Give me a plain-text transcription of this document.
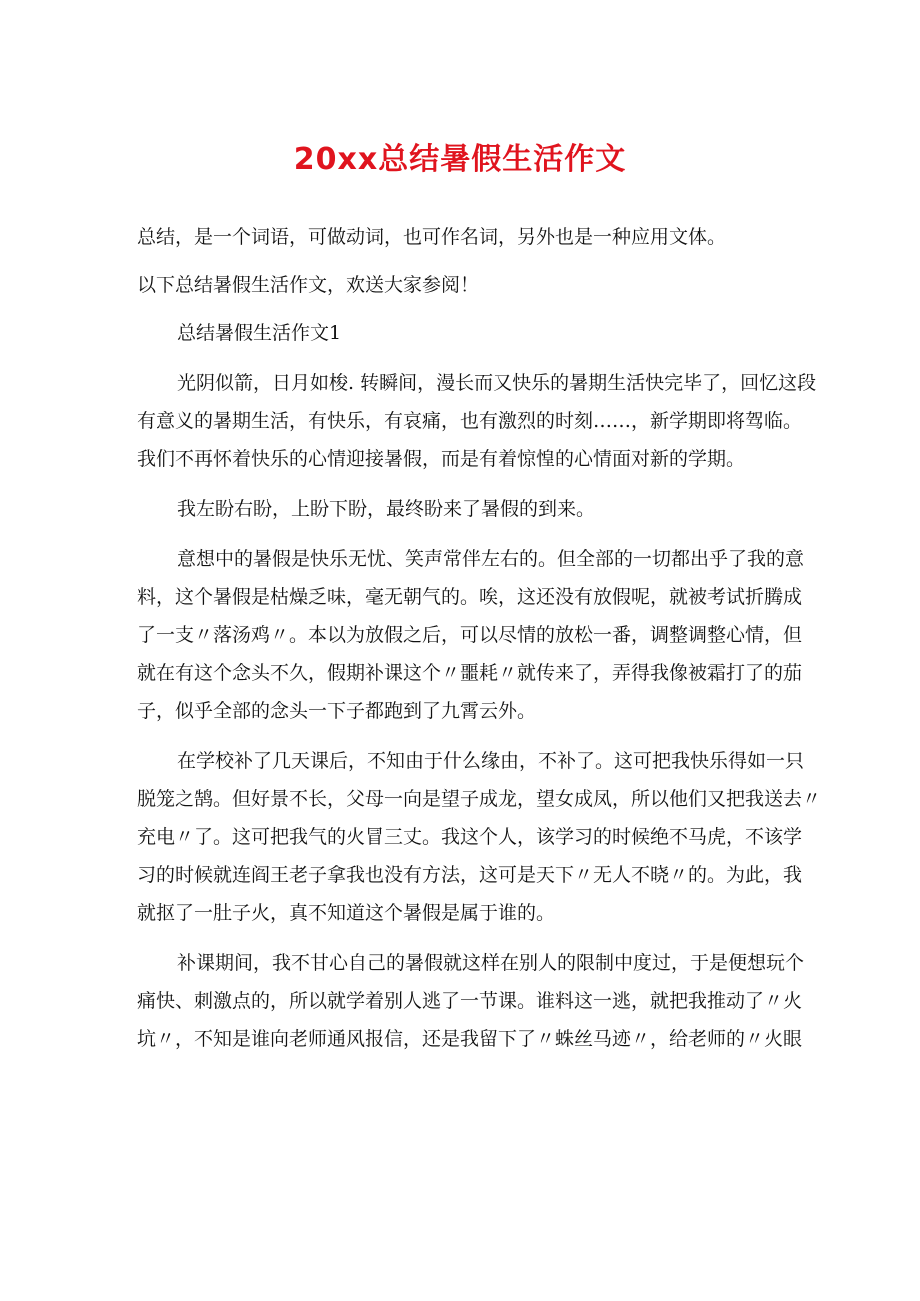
20xx总结暑假生活作文
总结，是一个词语，可做动词，也可作名词，另外也是一种应用文体。
以下总结暑假生活作文，欢送大家参阅！
总结暑假生活作文1
光阴似箭，日月如梭. 转瞬间，漫长而又快乐的暑期生活快完毕了，回忆这段
有意义的暑期生活，有快乐，有哀痛，也有激烈的时刻……，新学期即将驾临。
我们不再怀着快乐的心情迎接暑假，而是有着惊惶的心情面对新的学期。
我左盼右盼，上盼下盼，最终盼来了暑假的到来。
意想中的暑假是快乐无忧、笑声常伴左右的。但全部的一切都出乎了我的意
料，这个暑假是枯燥乏味，毫无朝气的。唉，这还没有放假呢，就被考试折腾成
了一支〃落汤鸡〃。本以为放假之后，可以尽情的放松一番，调整调整心情，但
就在有这个念头不久，假期补课这个〃噩耗〃就传来了，弄得我像被霜打了的茄
子，似乎全部的念头一下子都跑到了九霄云外。
在学校补了几天课后，不知由于什么缘由，不补了。这可把我快乐得如一只
脱笼之鹄。但好景不长，父母一向是望子成龙，望女成凤，所以他们又把我送去〃
充电〃了。这可把我气的火冒三丈。我这个人，该学习的时候绝不马虎，不该学
习的时候就连阎王老子拿我也没有方法，这可是天下〃无人不晓〃的。为此，我
就抠了一肚子火，真不知道这个暑假是属于谁的。
补课期间，我不甘心自己的暑假就这样在别人的限制中度过，于是便想玩个
痛快、刺激点的，所以就学着别人逃了一节课。谁料这一逃，就把我推动了〃火
坑〃，不知是谁向老师通风报信，还是我留下了〃蛛丝马迹〃，给老师的〃火眼
